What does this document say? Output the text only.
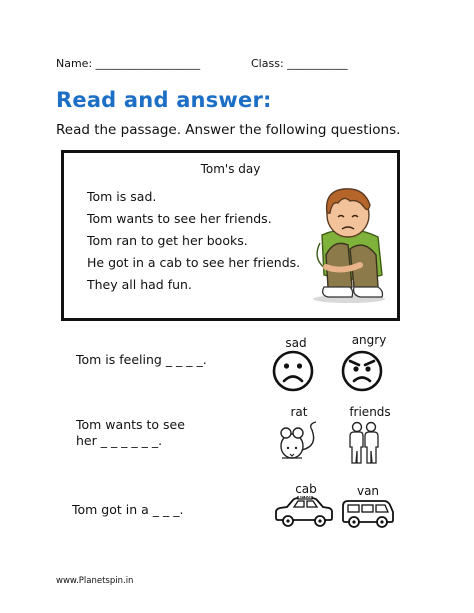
Name: ___________________	Class: ___________
Read and answer:
Read the passage. Answer the following questions.
Tom's day
Tom is sad.
Tom wants to see her friends.
Tom ran to get her books.
He got in a cab to see her friends.
They all had fun.
Tom is feeling _ _ _ _.
sad	angry
Tom wants to see
her _ _ _ _ _ _.
rat	friends
Tom got in a _ _ _.
cab	van
TAXI
www.Planetspin.in
